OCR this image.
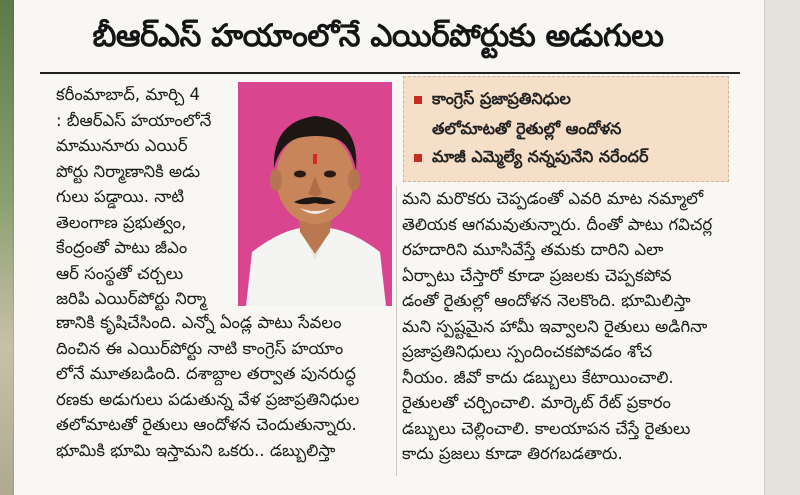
బీఆర్ఎస్ హయాంలోనే ఎయిర్‌పోర్టుకు అడుగులు
కరీంమాబాద్, మార్చి 4
: బీఆర్ఎస్ హయాంలోనే
మామునూరు ఎయిర్
పోర్టు నిర్మాణానికి అడు
గులు పడ్డాయి. నాటి
తెలంగాణ ప్రభుత్వం,
కేంద్రంతో పాటు జీఎం
ఆర్ సంస్థతో చర్చలు
జరిపి ఎయిర్‌పోర్టు నిర్మా
కాంగ్రెస్ ప్రజాప్రతినిధుల
తలోమాటతో రైతుల్లో ఆందోళన
మాజీ ఎమ్మెల్యే నన్నపునేని నరేందర్
మని మరొకరు చెప్పడంతో ఎవరి మాట నమ్మాలో
తెలియక ఆగమవుతున్నారు. దీంతో పాటు గవిచర్ల
రహదారిని మూసివేస్తే తమకు దారిని ఎలా
ఏర్పాటు చేస్తారో కూడా ప్రజలకు చెప్పకపోవ
డంతో రైతుల్లో ఆందోళన నెలకొంది. భూమిలిస్తా
మని స్పష్టమైన హామీ ఇవ్వాలని రైతులు అడిగినా
ప్రజాప్రతినిధులు స్పందించకపోవడం శోచ
నీయం. జీవో కాదు డబ్బులు కేటాయించాలి.
రైతులతో చర్చించాలి. మార్కెట్ రేట్ ప్రకారం
డబ్బులు చెల్లించాలి. కాలయాపన చేస్తే రైతులు
కాదు ప్రజలు కూడా తిరగబడతారు.
ణానికి కృషిచేసింది. ఎన్నో ఏండ్ల పాటు సేవలం
దించిన ఈ ఎయిర్‌పోర్టు నాటి కాంగ్రెస్ హయాం
లోనే మూతబడింది. దశాబ్దాల తర్వాత పునరుద్ధ
రణకు అడుగులు పడుతున్న వేళ ప్రజాప్రతినిధుల
తలోమాటతో రైతులు ఆందోళన చెందుతున్నారు.
భూమికి భూమి ఇస్తామని ఒకరు.. డబ్బులిస్తా
